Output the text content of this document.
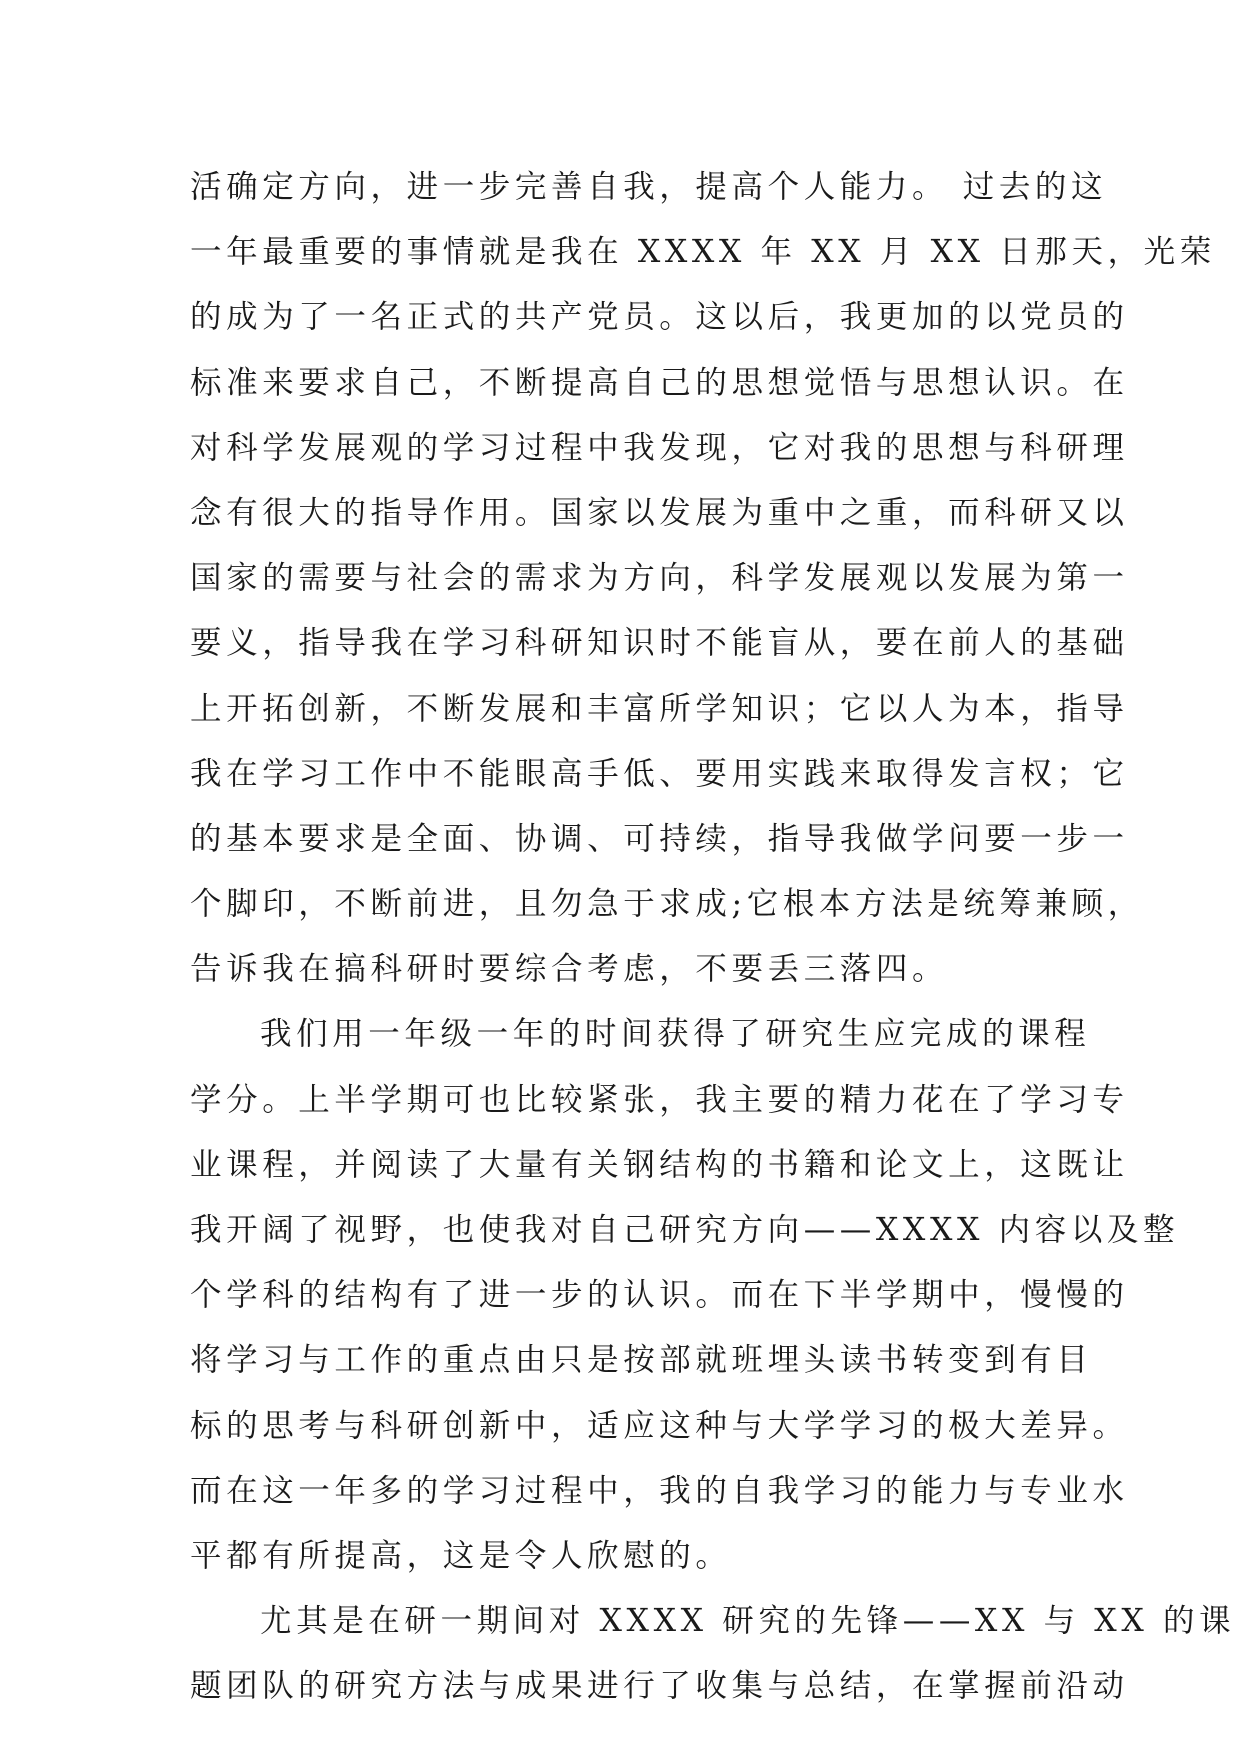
活确定方向，进一步完善自我，提高个人能力。 过去的这
一年最重要的事情就是我在 XXXX 年 XX 月 XX 日那天，光荣
的成为了一名正式的共产党员。这以后，我更加的以党员的
标准来要求自己，不断提高自己的思想觉悟与思想认识。在
对科学发展观的学习过程中我发现，它对我的思想与科研理
念有很大的指导作用。国家以发展为重中之重，而科研又以
国家的需要与社会的需求为方向，科学发展观以发展为第一
要义，指导我在学习科研知识时不能盲从，要在前人的基础
上开拓创新，不断发展和丰富所学知识；它以人为本，指导
我在学习工作中不能眼高手低、要用实践来取得发言权；它
的基本要求是全面、协调、可持续，指导我做学问要一步一
个脚印，不断前进，且勿急于求成;它根本方法是统筹兼顾，
告诉我在搞科研时要综合考虑，不要丢三落四。
我们用一年级一年的时间获得了研究生应完成的课程
学分。上半学期可也比较紧张，我主要的精力花在了学习专
业课程，并阅读了大量有关钢结构的书籍和论文上，这既让
我开阔了视野，也使我对自己研究方向——XXXX 内容以及整
个学科的结构有了进一步的认识。而在下半学期中，慢慢的
将学习与工作的重点由只是按部就班埋头读书转变到有目
标的思考与科研创新中，适应这种与大学学习的极大差异。
而在这一年多的学习过程中，我的自我学习的能力与专业水
平都有所提高，这是令人欣慰的。
尤其是在研一期间对 XXXX 研究的先锋——XX 与 XX 的课
题团队的研究方法与成果进行了收集与总结，在掌握前沿动
